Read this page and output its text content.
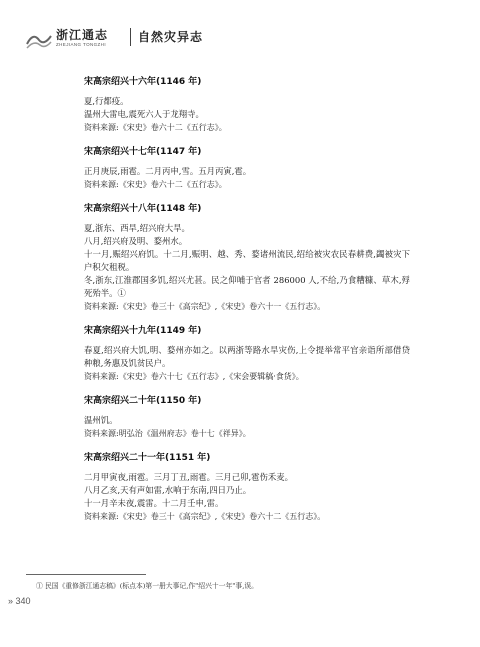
浙江通志
ZHEJIANG TONGZHI
自然灾异志
宋高宗绍兴十六年(1146 年)

夏,行都疫。

温州大雷电,震死六人于龙翔寺。

资料来源:《宋史》卷六十二《五行志》。

宋高宗绍兴十七年(1147 年)

正月庚辰,雨雹。二月丙申,雪。五月丙寅,雹。

资料来源:《宋史》卷六十二《五行志》。

宋高宗绍兴十八年(1148 年)

夏,浙东、西旱,绍兴府大旱。

八月,绍兴府及明、婺州水。

十一月,赈绍兴府饥。十二月,赈明、越、秀、婺诸州流民,绍给被灾农民春耕费,蠲被灾下户积欠租税。

冬,浙东,江淮郡国多饥,绍兴尤甚。民之仰哺于官者 286000 人,不给,乃食糟糠、草木,殍死殆半。①

资料来源:《宋史》卷三十《高宗纪》,《宋史》卷六十一《五行志》。

宋高宗绍兴十九年(1149 年)

春夏,绍兴府大饥,明、婺州亦如之。以两浙等路水旱灾伤,上令提举常平官亲诣所部借贷种粮,务惠及饥贫民户。

资料来源:《宋史》卷六十七《五行志》,《宋会要辑稿·食货》。

宋高宗绍兴二十年(1150 年)

温州饥。

资料来源:明弘治《温州府志》卷十七《祥异》。

宋高宗绍兴二十一年(1151 年)

二月甲寅夜,雨雹。三月丁丑,雨雹。三月己卯,雹伤禾麦。

八月乙亥,天有声如雷,水响于东南,四日乃止。

十一月辛未夜,震雷。十二月壬申,雷。

资料来源:《宋史》卷三十《高宗纪》,《宋史》卷六十二《五行志》。

① 民国《重修浙江通志稿》(标点本)第一册大事记,作"绍兴十一年"事,误。
» 340
